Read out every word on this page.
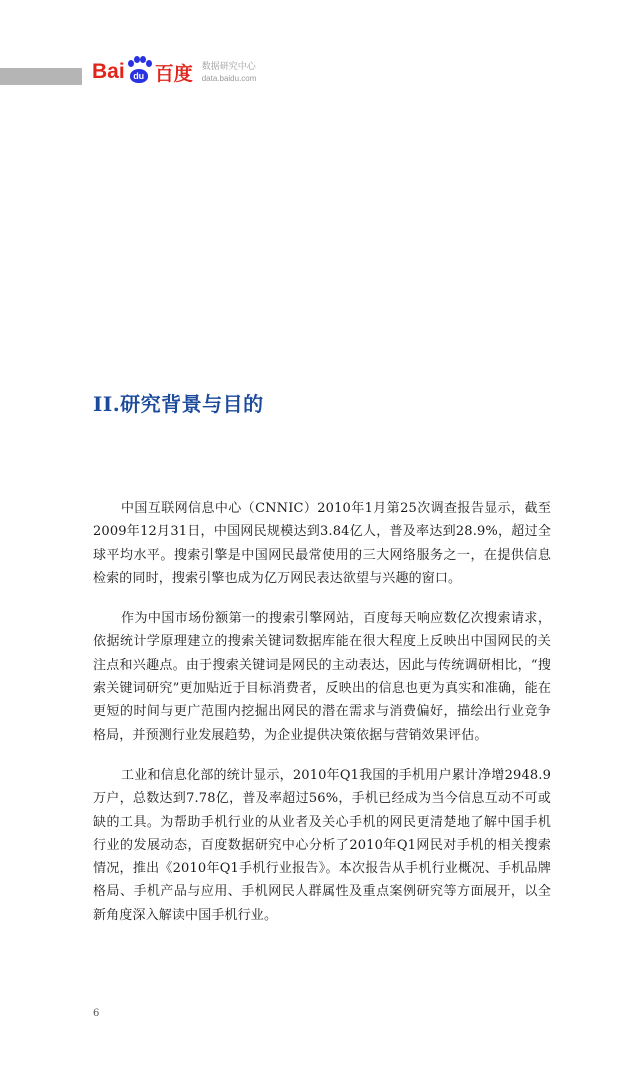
Bai du 百度 数据研究中心
data.baidu.com
II.研究背景与目的

中国互联网信息中心（CNNIC）2010年1月第25次调查报告显示，截至2009年12月31日，中国网民规模达到3.84亿人，普及率达到28.9%，超过全球平均水平。搜索引擎是中国网民最常使用的三大网络服务之一，在提供信息检索的同时，搜索引擎也成为亿万网民表达欲望与兴趣的窗口。

作为中国市场份额第一的搜索引擎网站，百度每天响应数亿次搜索请求，依据统计学原理建立的搜索关键词数据库能在很大程度上反映出中国网民的关注点和兴趣点。由于搜索关键词是网民的主动表达，因此与传统调研相比，“搜索关键词研究”更加贴近于目标消费者，反映出的信息也更为真实和准确，能在更短的时间与更广范围内挖掘出网民的潜在需求与消费偏好，描绘出行业竞争格局，并预测行业发展趋势，为企业提供决策依据与营销效果评估。

工业和信息化部的统计显示，2010年Q1我国的手机用户累计净增2948.9万户，总数达到7.78亿，普及率超过56%，手机已经成为当今信息互动不可或缺的工具。为帮助手机行业的从业者及关心手机的网民更清楚地了解中国手机行业的发展动态，百度数据研究中心分析了2010年Q1网民对手机的相关搜索情况，推出《2010年Q1手机行业报告》。本次报告从手机行业概况、手机品牌格局、手机产品与应用、手机网民人群属性及重点案例研究等方面展开，以全新角度深入解读中国手机行业。

6
